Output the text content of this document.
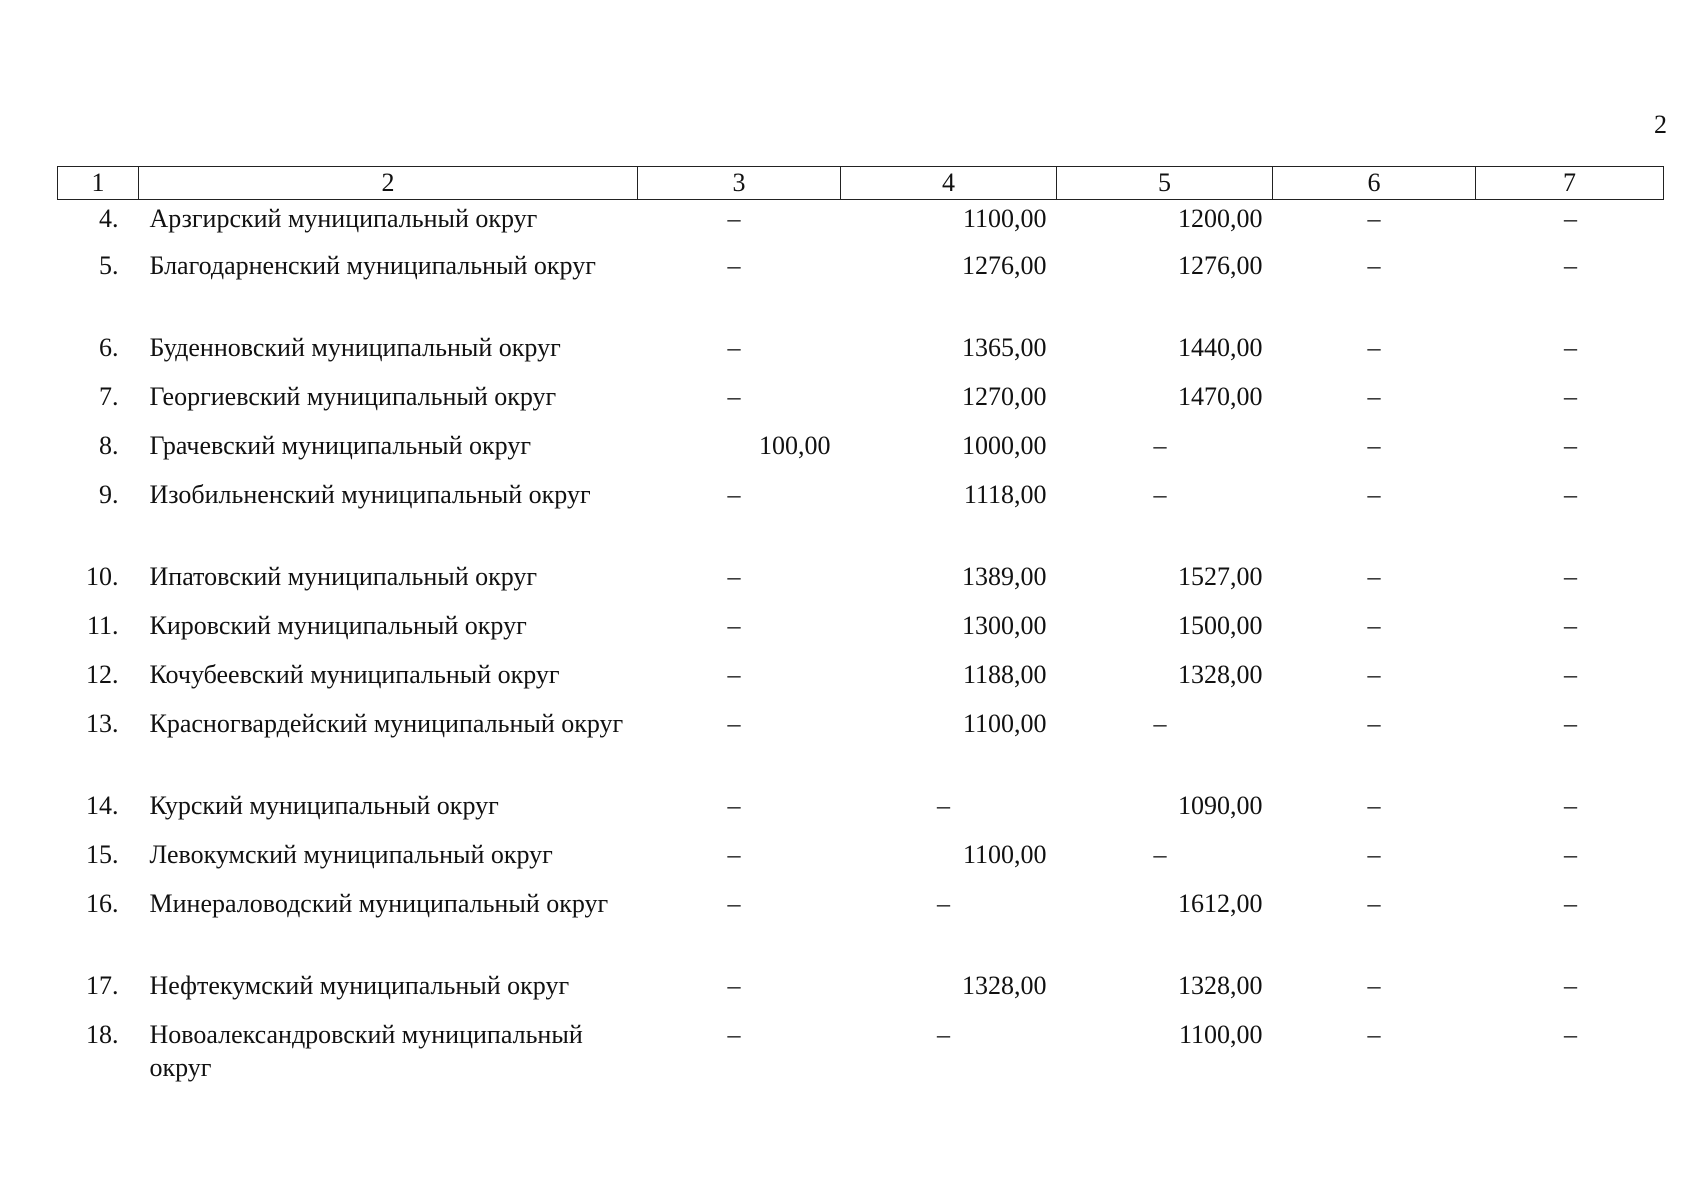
2
1	2	3	4	5	6	7
4.	Арзгирский муниципальный округ	–	1100,00	1200,00	–	–
5.	Благодарненский муниципальный округ	–	1276,00	1276,00	–	–
6.	Буденновский муниципальный округ	–	1365,00	1440,00	–	–
7.	Георгиевский муниципальный округ	–	1270,00	1470,00	–	–
8.	Грачевский муниципальный округ	100,00	1000,00	–	–	–
9.	Изобильненский муниципальный округ	–	1118,00	–	–	–
10.	Ипатовский муниципальный округ	–	1389,00	1527,00	–	–
11.	Кировский муниципальный округ	–	1300,00	1500,00	–	–
12.	Кочубеевский муниципальный округ	–	1188,00	1328,00	–	–
13.	Красногвардейский муниципальный округ	–	1100,00	–	–	–
14.	Курский муниципальный округ	–	–	1090,00	–	–
15.	Левокумский муниципальный округ	–	1100,00	–	–	–
16.	Минераловодский муниципальный округ	–	–	1612,00	–	–
17.	Нефтекумский муниципальный округ	–	1328,00	1328,00	–	–
18.	Новоалександровский муниципальный округ	–	–	1100,00	–	–
